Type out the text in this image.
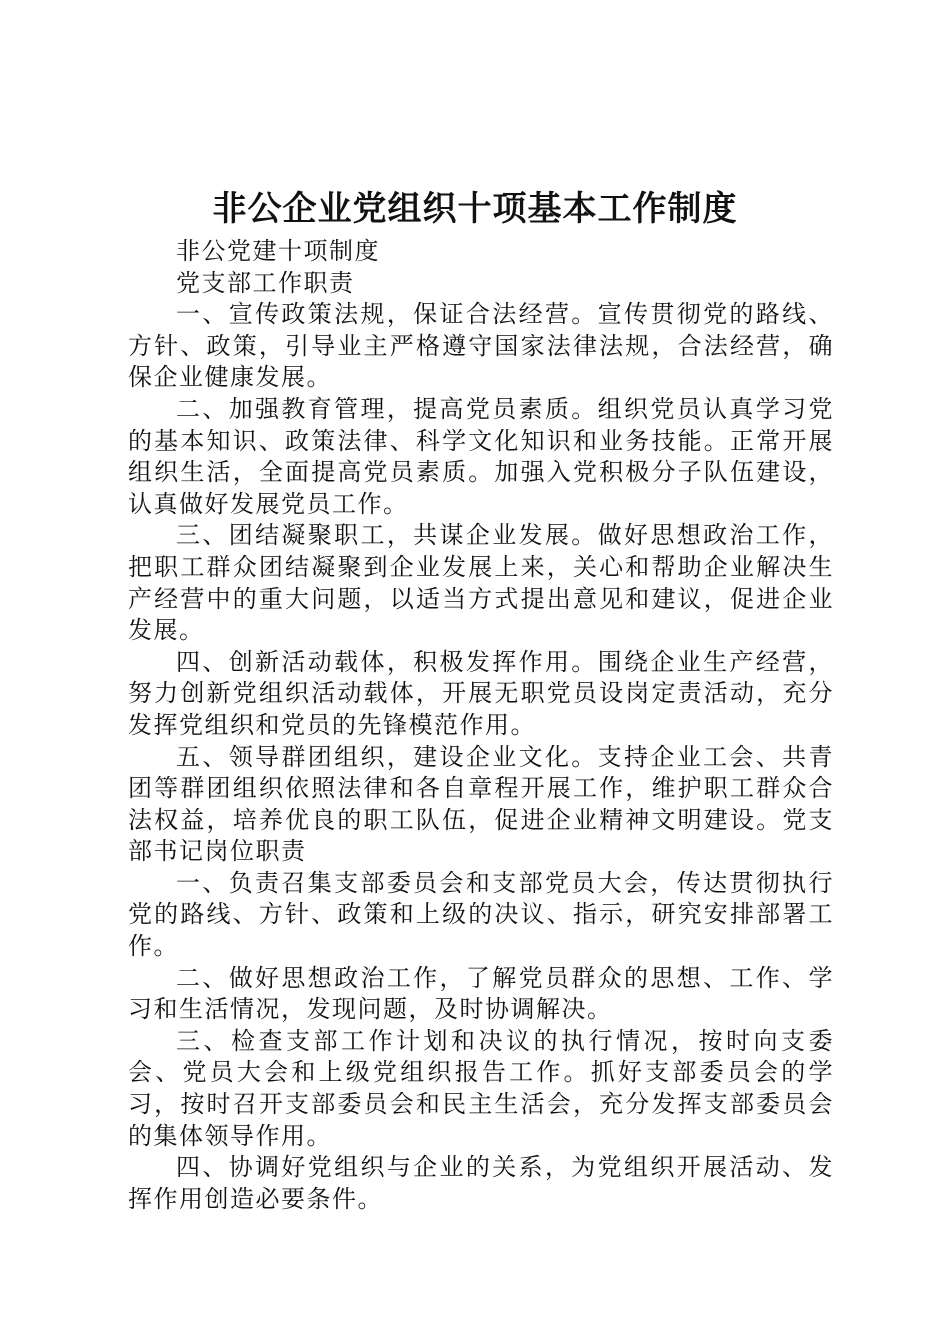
非公企业党组织十项基本工作制度

非公党建十项制度

党支部工作职责

一、宣传政策法规，保证合法经营。宣传贯彻党的路线、方针、政策，引导业主严格遵守国家法律法规，合法经营，确保企业健康发展。

二、加强教育管理，提高党员素质。组织党员认真学习党的基本知识、政策法律、科学文化知识和业务技能。正常开展组织生活，全面提高党员素质。加强入党积极分子队伍建设，认真做好发展党员工作。

三、团结凝聚职工，共谋企业发展。做好思想政治工作，把职工群众团结凝聚到企业发展上来，关心和帮助企业解决生产经营中的重大问题，以适当方式提出意见和建议，促进企业发展。

四、创新活动载体，积极发挥作用。围绕企业生产经营，努力创新党组织活动载体，开展无职党员设岗定责活动，充分发挥党组织和党员的先锋模范作用。

五、领导群团组织，建设企业文化。支持企业工会、共青团等群团组织依照法律和各自章程开展工作，维护职工群众合法权益，培养优良的职工队伍，促进企业精神文明建设。党支部书记岗位职责

一、负责召集支部委员会和支部党员大会，传达贯彻执行党的路线、方针、政策和上级的决议、指示，研究安排部署工作。

二、做好思想政治工作，了解党员群众的思想、工作、学习和生活情况，发现问题，及时协调解决。

三、检查支部工作计划和决议的执行情况，按时向支委会、党员大会和上级党组织报告工作。抓好支部委员会的学习，按时召开支部委员会和民主生活会，充分发挥支部委员会的集体领导作用。

四、协调好党组织与企业的关系，为党组织开展活动、发挥作用创造必要条件。
